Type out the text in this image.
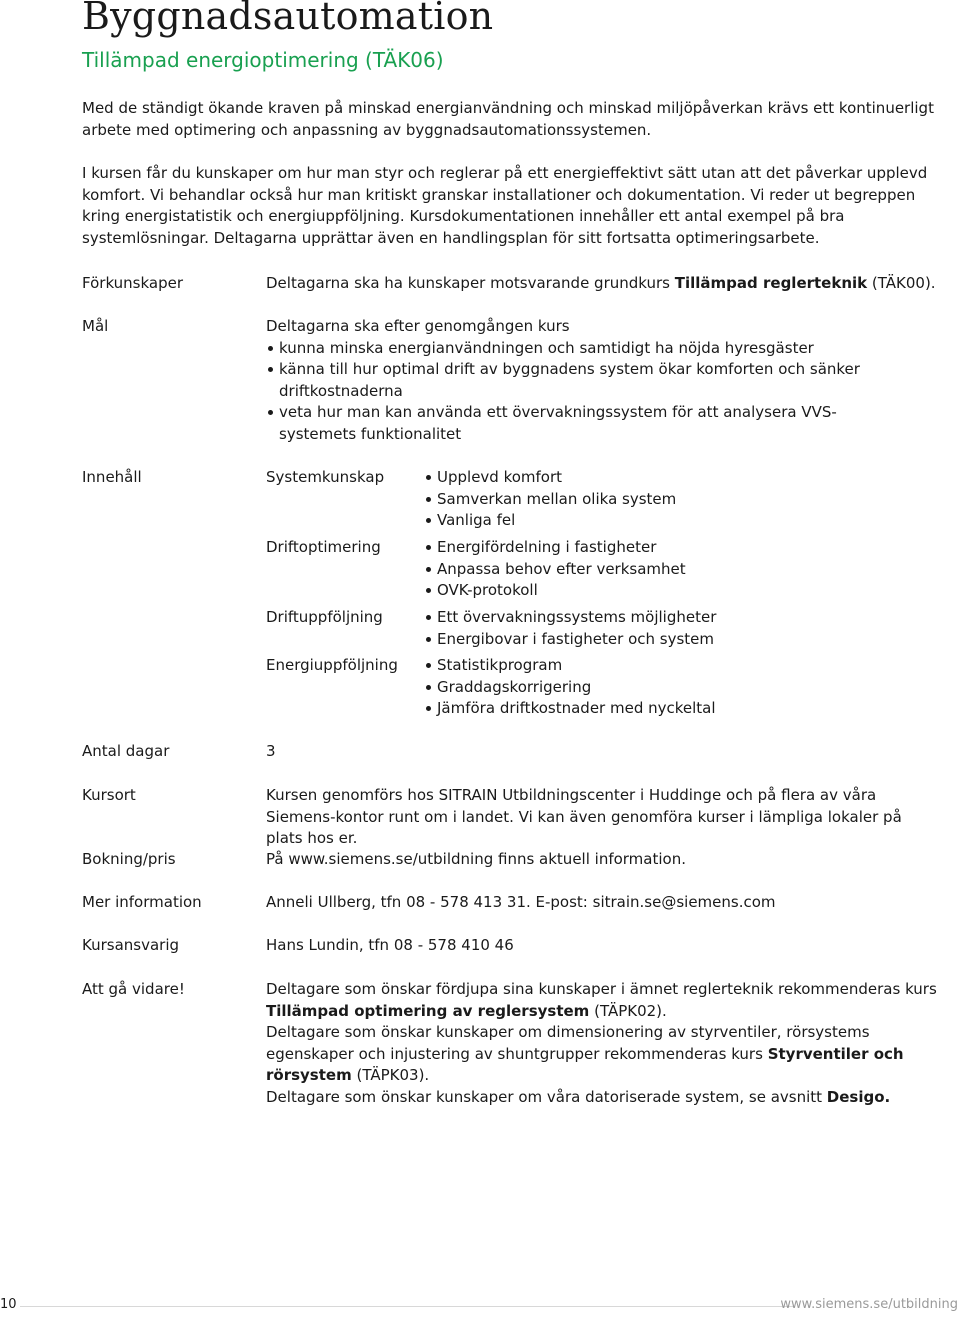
Byggnadsautomation
Tillämpad energioptimering (TÄK06)

Med de ständigt ökande kraven på minskad energianvändning och minskad miljöpåverkan krävs ett kontinuerligt arbete med optimering och anpassning av byggnadsautomationssystemen.

I kursen får du kunskaper om hur man styr och reglerar på ett energieffektivt sätt utan att det påverkar upplevd komfort. Vi behandlar också hur man kritiskt granskar installationer och dokumentation. Vi reder ut begreppen kring energistatistik och energiuppföljning. Kursdokumentationen innehåller ett antal exempel på bra systemlösningar. Deltagarna upprättar även en handlingsplan för sitt fortsatta optimeringsarbete.

Förkunskaper	Deltagarna ska ha kunskaper motsvarande grundkurs Tillämpad reglerteknik (TÄK00).
Mål	Deltagarna ska efter genomgången kurs

kunna minska energianvändningen och samtidigt ha nöjda hyresgäster
känna till hur optimal drift av byggnadens system ökar komforten och sänker driftkostnaderna
veta hur man kan använda ett övervakningssystem för att analysera VVS-systemets funktionalitet
Innehåll	Systemkunskap	Upplevd komfort
Samverkan mellan olika system
Vanliga fel
Driftoptimering	Energifördelning i fastigheter
Anpassa behov efter verksamhet
OVK-protokoll
Driftuppföljning	Ett övervakningssystems möjligheter
Energibovar i fastigheter och system
Energiuppföljning	Statistikprogram
Graddagskorrigering
Jämföra driftkostnader med nyckeltal
Antal dagar	3
Kursort	Kursen genomförs hos SITRAIN Utbildningscenter i Huddinge och på flera av våra Siemens-kontor runt om i landet. Vi kan även genomföra kurser i lämpliga lokaler på plats hos er.
Bokning/pris	På www.siemens.se/utbildning finns aktuell information.
Mer information	Anneli Ullberg, tfn 08 - 578 413 31. E-post: sitrain.se@siemens.com
Kursansvarig	Hans Lundin, tfn 08 - 578 410 46
Att gå vidare!	Deltagare som önskar fördjupa sina kunskaper i ämnet reglerteknik rekommenderas kurs Tillämpad optimering av reglersystem (TÄPK02).

Deltagare som önskar kunskaper om dimensionering av styrventiler, rörsystems egenskaper och injustering av shuntgrupper rekommenderas kurs Styrventiler och rörsystem (TÄPK03).

Deltagare som önskar kunskaper om våra datoriserade system, se avsnitt Desigo.

10	www.siemens.se/utbildning
